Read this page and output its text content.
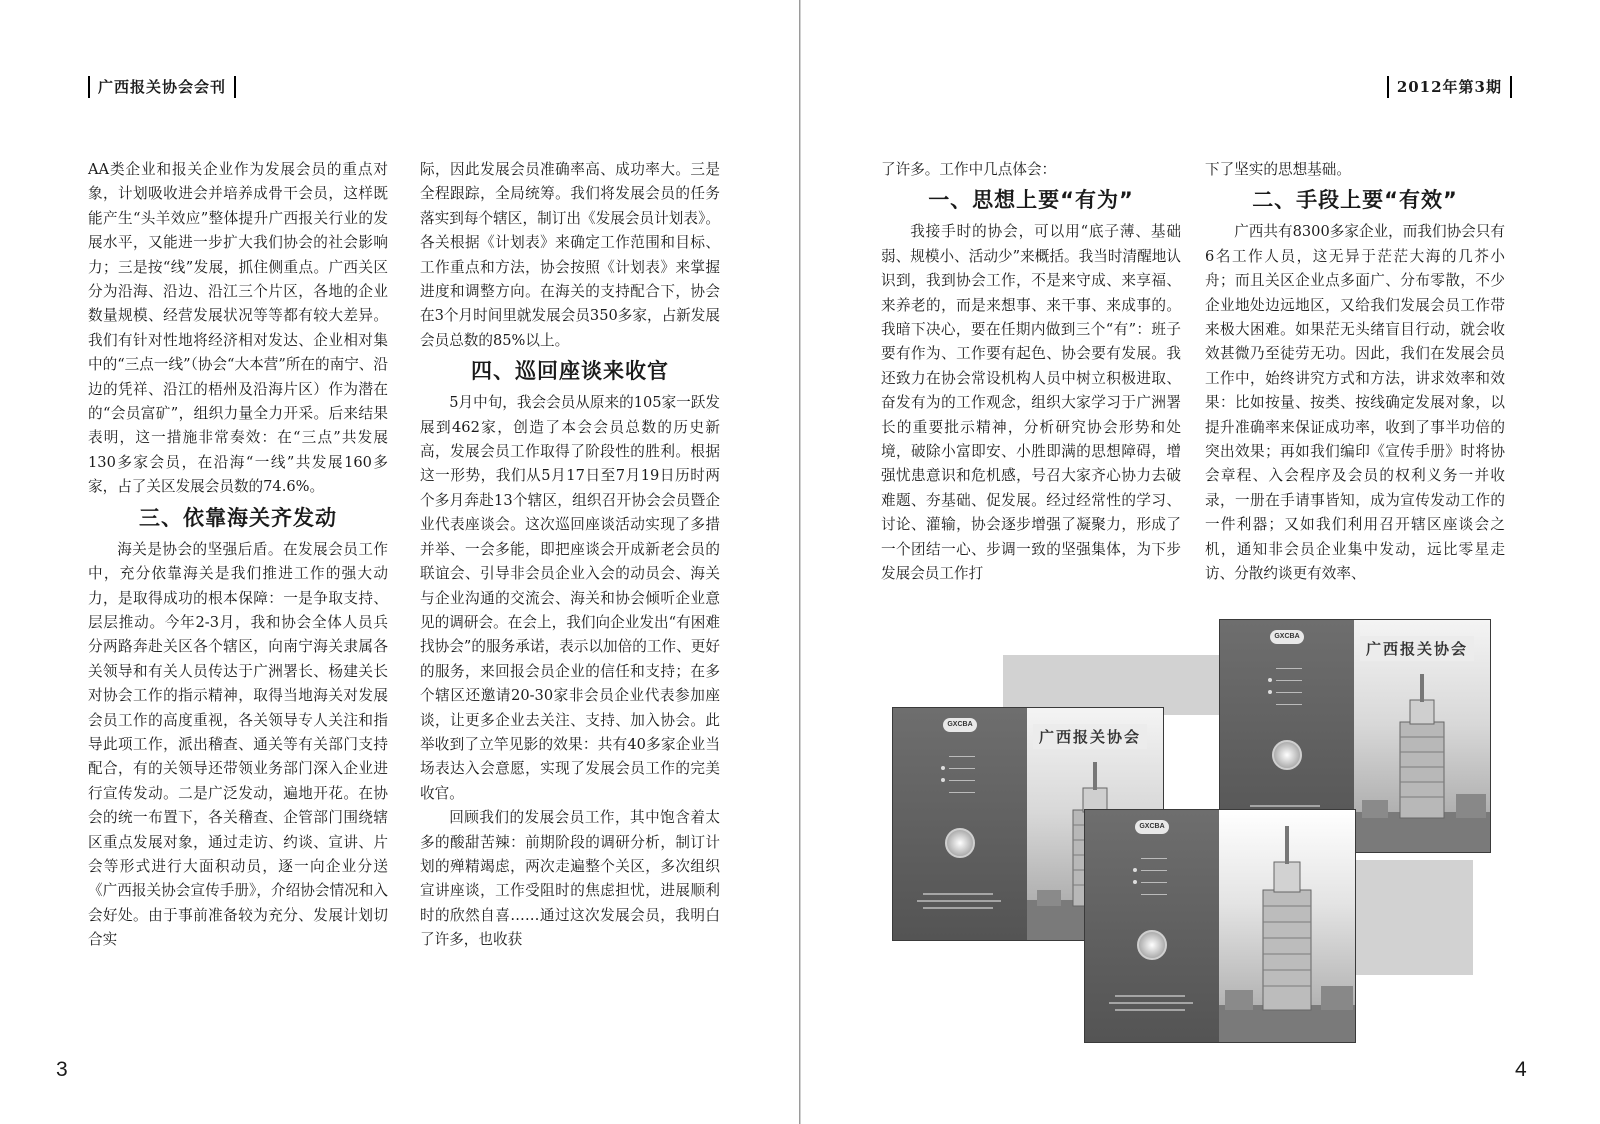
广西报关协会会刊

AA类企业和报关企业作为发展会员的重点对象，计划吸收进会并培养成骨干会员，这样既能产生“头羊效应”整体提升广西报关行业的发展水平，又能进一步扩大我们协会的社会影响力；三是按“线”发展，抓住侧重点。广西关区分为沿海、沿边、沿江三个片区，各地的企业数量规模、经营发展状况等等都有较大差异。我们有针对性地将经济相对发达、企业相对集中的“三点一线”（协会“大本营”所在的南宁、沿边的凭祥、沿江的梧州及沿海片区）作为潜在的“会员富矿”，组织力量全力开采。后来结果表明，这一措施非常奏效：在“三点”共发展130多家会员，在沿海“一线”共发展160多家，占了关区发展会员数的74.6%。

三、依靠海关齐发动

海关是协会的坚强后盾。在发展会员工作中，充分依靠海关是我们推进工作的强大动力，是取得成功的根本保障：一是争取支持、层层推动。今年2-3月，我和协会全体人员兵分两路奔赴关区各个辖区，向南宁海关隶属各关领导和有关人员传达于广洲署长、杨建关长对协会工作的指示精神，取得当地海关对发展会员工作的高度重视，各关领导专人关注和指导此项工作，派出稽查、通关等有关部门支持配合，有的关领导还带领业务部门深入企业进行宣传发动。二是广泛发动，遍地开花。在协会的统一布置下，各关稽查、企管部门围绕辖区重点发展对象，通过走访、约谈、宣讲、片会等形式进行大面积动员，逐一向企业分送《广西报关协会宣传手册》，介绍协会情况和入会好处。由于事前准备较为充分、发展计划切合实

际，因此发展会员准确率高、成功率大。三是全程跟踪，全局统筹。我们将发展会员的任务落实到每个辖区，制订出《发展会员计划表》。各关根据《计划表》来确定工作范围和目标、工作重点和方法，协会按照《计划表》来掌握进度和调整方向。在海关的支持配合下，协会在3个月时间里就发展会员350多家，占新发展会员总数的85%以上。

四、巡回座谈来收官

5月中旬，我会会员从原来的105家一跃发展到462家，创造了本会会员总数的历史新高，发展会员工作取得了阶段性的胜利。根据这一形势，我们从5月17日至7月19日历时两个多月奔赴13个辖区，组织召开协会会员暨企业代表座谈会。这次巡回座谈活动实现了多措并举、一会多能，即把座谈会开成新老会员的联谊会、引导非会员企业入会的动员会、海关与企业沟通的交流会、海关和协会倾听企业意见的调研会。在会上，我们向企业发出“有困难找协会”的服务承诺，表示以加倍的工作、更好的服务，来回报会员企业的信任和支持；在多个辖区还邀请20-30家非会员企业代表参加座谈，让更多企业去关注、支持、加入协会。此举收到了立竿见影的效果：共有40多家企业当场表达入会意愿，实现了发展会员工作的完美收官。

回顾我们的发展会员工作，其中饱含着太多的酸甜苦辣：前期阶段的调研分析，制订计划的殚精竭虑，两次走遍整个关区，多次组织宣讲座谈，工作受阻时的焦虑担忧，进展顺利时的欣然自喜……通过这次发展会员，我明白了许多，也收获

3
2012年第3期

了许多。工作中几点体会：

一、思想上要“有为”

我接手时的协会，可以用“底子薄、基础弱、规模小、活动少”来概括。我当时清醒地认识到，我到协会工作，不是来守成、来享福、来养老的，而是来想事、来干事、来成事的。我暗下决心，要在任期内做到三个“有”：班子要有作为、工作要有起色、协会要有发展。我还致力在协会常设机构人员中树立积极进取、奋发有为的工作观念，组织大家学习于广洲署长的重要批示精神，分析研究协会形势和处境，破除小富即安、小胜即满的思想障碍，增强忧患意识和危机感，号召大家齐心协力去破难题、夯基础、促发展。经过经常性的学习、讨论、灌输，协会逐步增强了凝聚力，形成了一个团结一心、步调一致的坚强集体，为下步发展会员工作打

下了坚实的思想基础。

二、手段上要“有效”

广西共有8300多家企业，而我们协会只有6名工作人员，这无异于茫茫大海的几芥小舟；而且关区企业点多面广、分布零散，不少企业地处边远地区，又给我们发展会员工作带来极大困难。如果茫无头绪盲目行动，就会收效甚微乃至徒劳无功。因此，我们在发展会员工作中，始终讲究方式和方法，讲求效率和效果：比如按量、按类、按线确定发展对象，以提升准确率来保证成功率，收到了事半功倍的突出效果；再如我们编印《宣传手册》时将协会章程、入会程序及会员的权利义务一并收录，一册在手请事皆知，成为宣传发动工作的一件利器；又如我们利用召开辖区座谈会之机，通知非会员企业集中发动，远比零星走访、分散约谈更有效率、

GXCBA
广西报关协会
GXCBA
广西报关协会
GXCBA
4
